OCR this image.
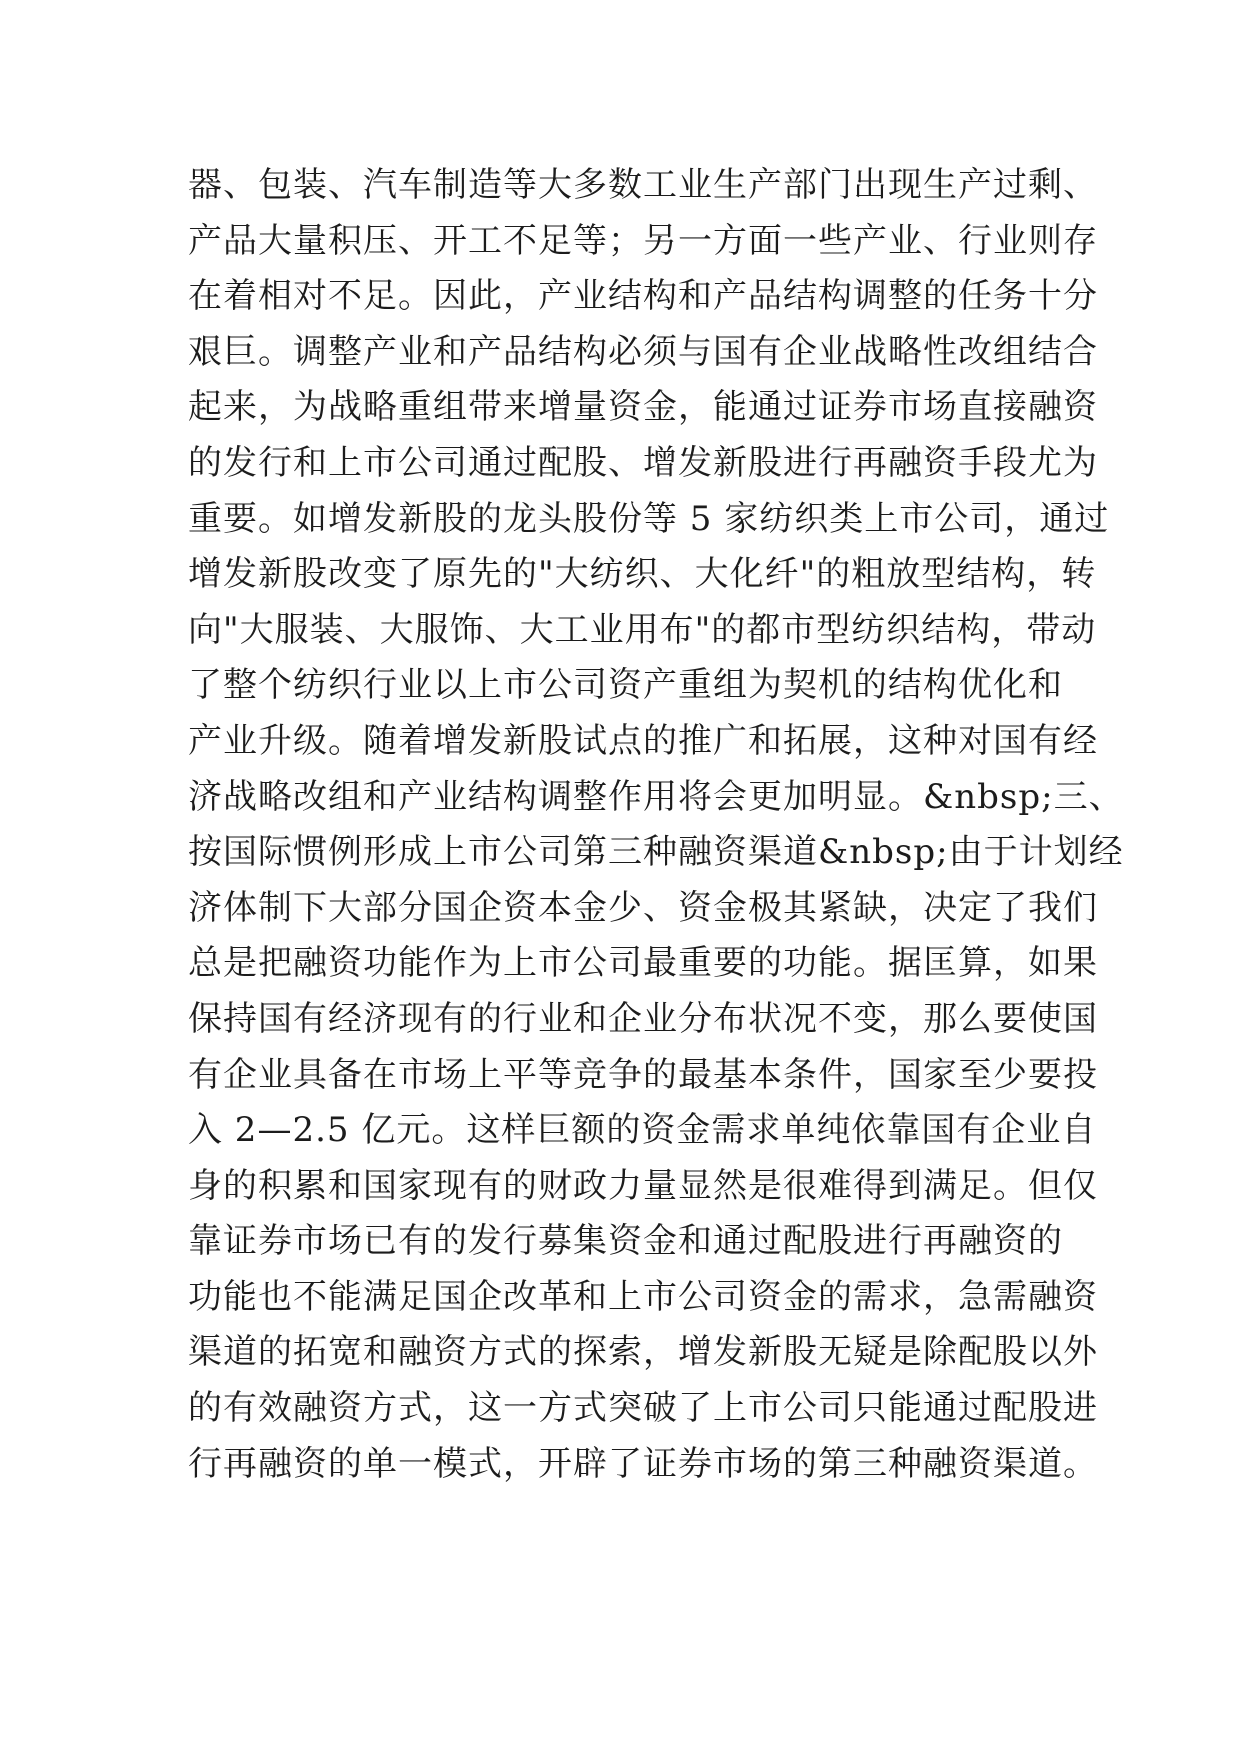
器、包装、汽车制造等大多数工业生产部门出现生产过剩、
产品大量积压、开工不足等；另一方面一些产业、行业则存
在着相对不足。因此，产业结构和产品结构调整的任务十分
艰巨。调整产业和产品结构必须与国有企业战略性改组结合
起来，为战略重组带来增量资金，能通过证券市场直接融资
的发行和上市公司通过配股、增发新股进行再融资手段尤为
重要。如增发新股的龙头股份等 5 家纺织类上市公司，通过
增发新股改变了原先的"大纺织、大化纤"的粗放型结构，转
向"大服装、大服饰、大工业用布"的都市型纺织结构，带动
了整个纺织行业以上市公司资产重组为契机的结构优化和
产业升级。随着增发新股试点的推广和拓展，这种对国有经
济战略改组和产业结构调整作用将会更加明显。&nbsp;三、
按国际惯例形成上市公司第三种融资渠道&nbsp;由于计划经
济体制下大部分国企资本金少、资金极其紧缺，决定了我们
总是把融资功能作为上市公司最重要的功能。据匡算，如果
保持国有经济现有的行业和企业分布状况不变，那么要使国
有企业具备在市场上平等竞争的最基本条件，国家至少要投
入 2—2.5 亿元。这样巨额的资金需求单纯依靠国有企业自
身的积累和国家现有的财政力量显然是很难得到满足。但仅
靠证券市场已有的发行募集资金和通过配股进行再融资的
功能也不能满足国企改革和上市公司资金的需求，急需融资
渠道的拓宽和融资方式的探索，增发新股无疑是除配股以外
的有效融资方式，这一方式突破了上市公司只能通过配股进
行再融资的单一模式，开辟了证券市场的第三种融资渠道。
